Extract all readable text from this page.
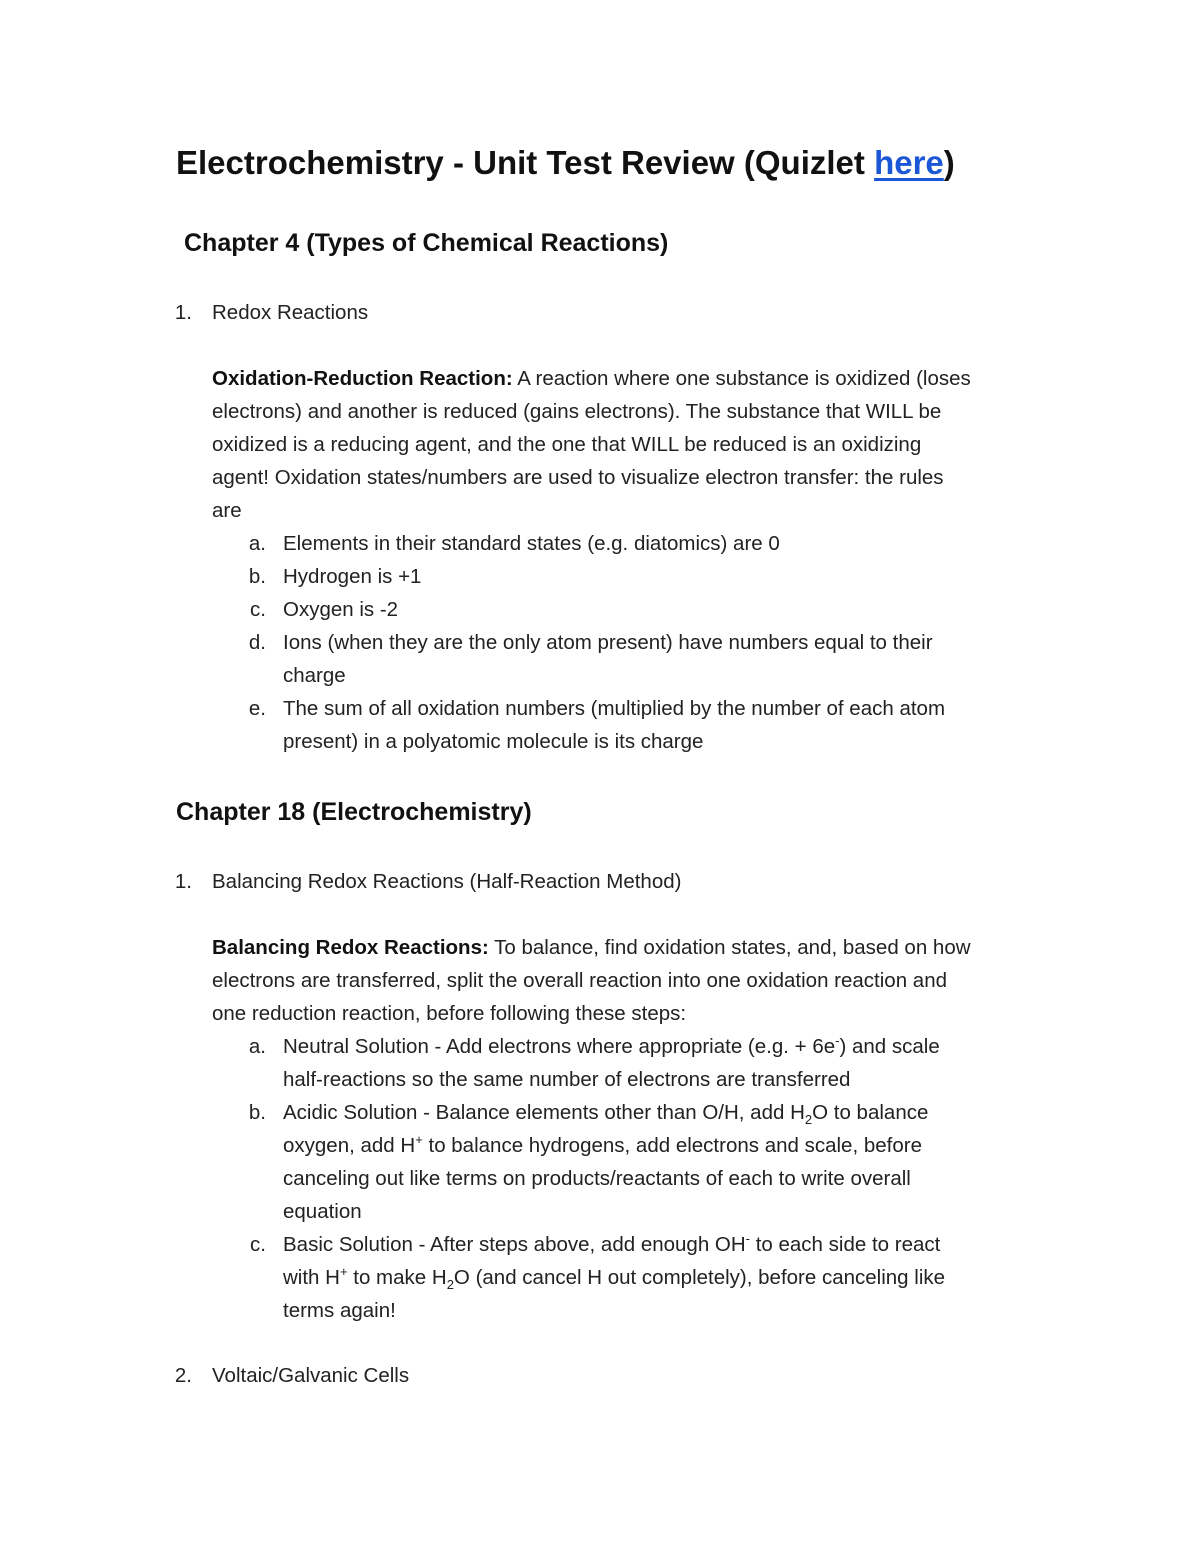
Electrochemistry - Unit Test Review (Quizlet here)
Chapter 4 (Types of Chemical Reactions)
1. Redox Reactions
Oxidation-Reduction Reaction: A reaction where one substance is oxidized (loses
electrons) and another is reduced (gains electrons). The substance that WILL be
oxidized is a reducing agent, and the one that WILL be reduced is an oxidizing
agent! Oxidation states/numbers are used to visualize electron transfer: the rules
are
a. Elements in their standard states (e.g. diatomics) are 0
b. Hydrogen is +1
c. Oxygen is -2
d. Ions (when they are the only atom present) have numbers equal to their
charge
e. The sum of all oxidation numbers (multiplied by the number of each atom
present) in a polyatomic molecule is its charge
Chapter 18 (Electrochemistry)
1. Balancing Redox Reactions (Half-Reaction Method)
Balancing Redox Reactions: To balance, find oxidation states, and, based on how
electrons are transferred, split the overall reaction into one oxidation reaction and
one reduction reaction, before following these steps:
a. Neutral Solution - Add electrons where appropriate (e.g. + 6e-) and scale
half-reactions so the same number of electrons are transferred
b. Acidic Solution - Balance elements other than O/H, add $H_2O$ to balance
oxygen, add H+ to balance hydrogens, add electrons and scale, before
canceling out like terms on products/reactants of each to write overall
equation
c. Basic Solution - After steps above, add enough OH- to each side to react
with H+ to make $H_2O$ (and cancel H out completely), before canceling like
terms again!
2. Voltaic/Galvanic Cells
